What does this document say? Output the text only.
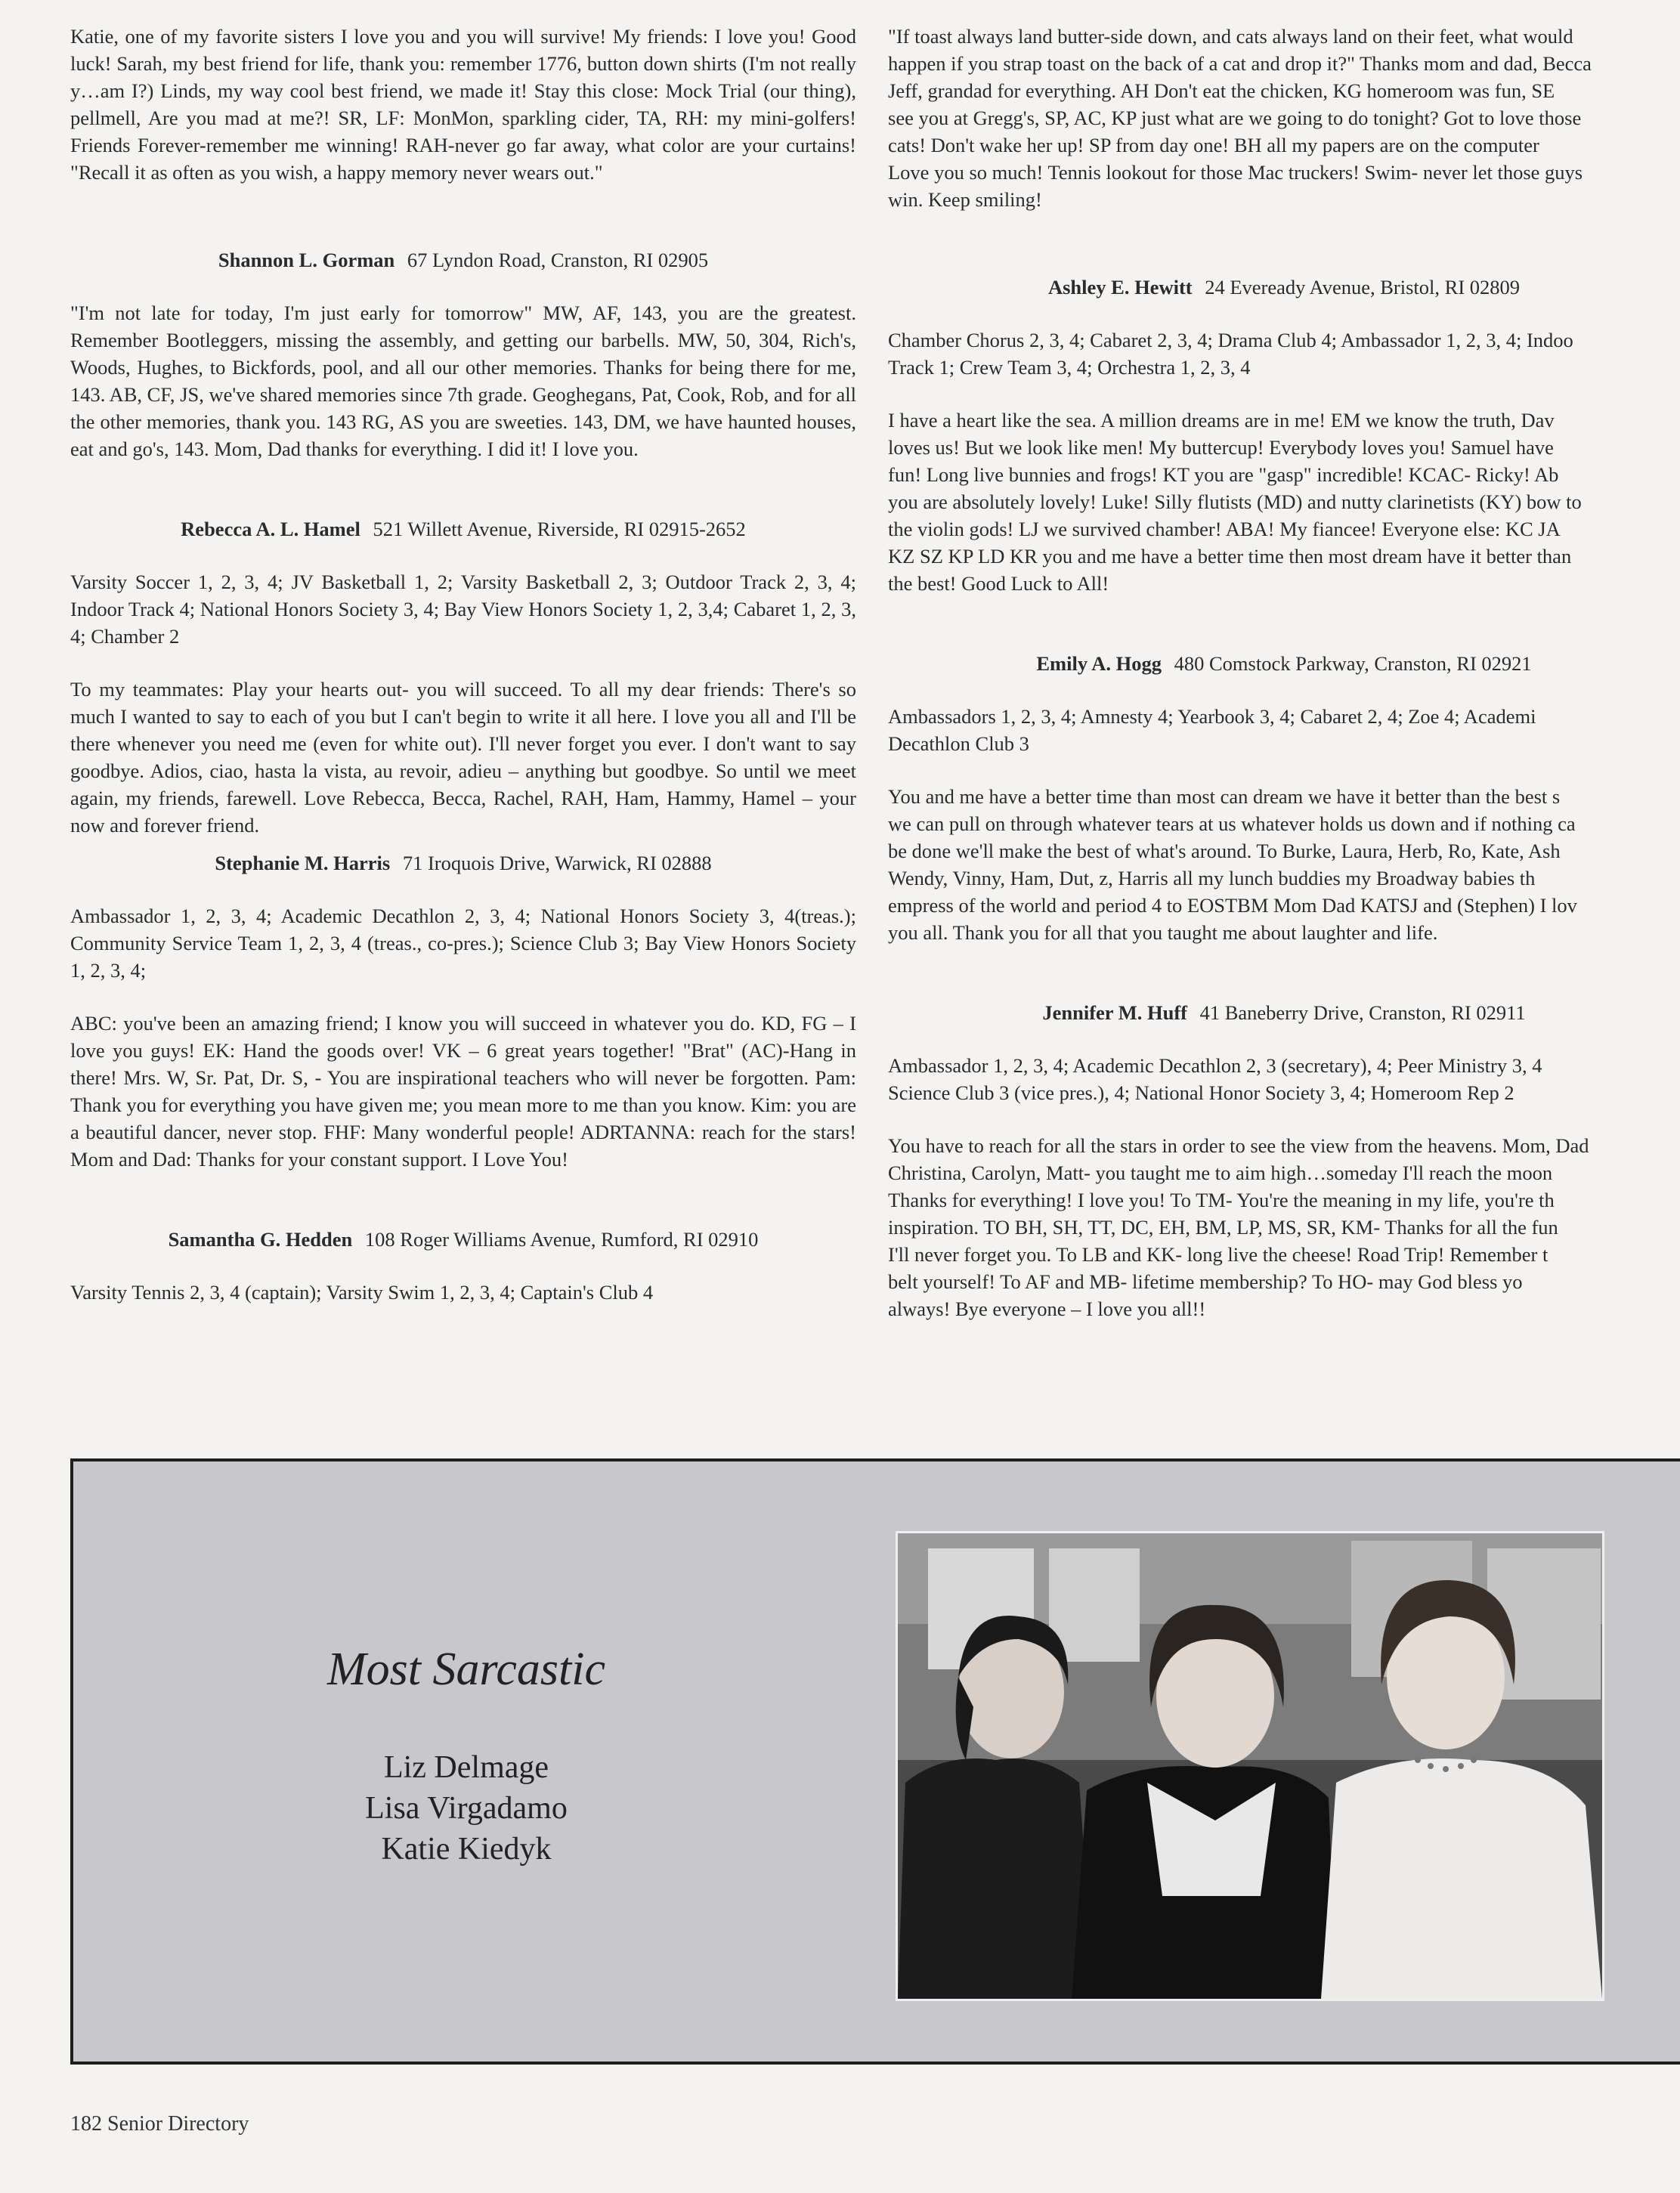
Katie, one of my favorite sisters I love you and you will survive! My friends: I love you! Good luck! Sarah, my best friend for life, thank you: remember 1776, button down shirts (I'm not really y…am I?) Linds, my way cool best friend, we made it! Stay this close: Mock Trial (our thing), pellmell, Are you mad at me?! SR, LF: MonMon, sparkling cider, TA, RH: my mini-golfers! Friends Forever-remember me winning! RAH-never go far away, what color are your curtains! "Recall it as often as you wish, a happy memory never wears out."

Shannon L. Gorman 67 Lyndon Road, Cranston, RI 02905

"I'm not late for today, I'm just early for tomorrow" MW, AF, 143, you are the greatest. Remember Bootleggers, missing the assembly, and getting our barbells. MW, 50, 304, Rich's, Woods, Hughes, to Bickfords, pool, and all our other memories. Thanks for being there for me, 143. AB, CF, JS, we've shared memories since 7th grade. Geoghegans, Pat, Cook, Rob, and for all the other memories, thank you. 143 RG, AS you are sweeties. 143, DM, we have haunted houses, eat and go's, 143. Mom, Dad thanks for everything. I did it! I love you.

Rebecca A. L. Hamel 521 Willett Avenue, Riverside, RI 02915-2652

Varsity Soccer 1, 2, 3, 4; JV Basketball 1, 2; Varsity Basketball 2, 3; Outdoor Track 2, 3, 4; Indoor Track 4; National Honors Society 3, 4; Bay View Honors Society 1, 2, 3,4; Cabaret 1, 2, 3, 4; Chamber 2

To my teammates: Play your hearts out- you will succeed. To all my dear friends: There's so much I wanted to say to each of you but I can't begin to write it all here. I love you all and I'll be there whenever you need me (even for white out). I'll never forget you ever. I don't want to say goodbye. Adios, ciao, hasta la vista, au revoir, adieu – anything but goodbye. So until we meet again, my friends, farewell. Love Rebecca, Becca, Rachel, RAH, Ham, Hammy, Hamel – your now and forever friend.

Stephanie M. Harris 71 Iroquois Drive, Warwick, RI 02888

Ambassador 1, 2, 3, 4; Academic Decathlon 2, 3, 4; National Honors Society 3, 4(treas.); Community Service Team 1, 2, 3, 4 (treas., co-pres.); Science Club 3; Bay View Honors Society 1, 2, 3, 4;

ABC: you've been an amazing friend; I know you will succeed in whatever you do. KD, FG – I love you guys! EK: Hand the goods over! VK – 6 great years together! "Brat" (AC)-Hang in there! Mrs. W, Sr. Pat, Dr. S, - You are inspirational teachers who will never be forgotten. Pam: Thank you for everything you have given me; you mean more to me than you know. Kim: you are a beautiful dancer, never stop. FHF: Many wonderful people! ADRTANNA: reach for the stars! Mom and Dad: Thanks for your constant support. I Love You!

Samantha G. Hedden 108 Roger Williams Avenue, Rumford, RI 02910

Varsity Tennis 2, 3, 4 (captain); Varsity Swim 1, 2, 3, 4; Captain's Club 4

"If toast always land butter-side down, and cats always land on their feet, what would

happen if you strap toast on the back of a cat and drop it?" Thanks mom and dad, Becca

Jeff, grandad for everything. AH Don't eat the chicken, KG homeroom was fun, SE

see you at Gregg's, SP, AC, KP just what are we going to do tonight? Got to love those

cats! Don't wake her up! SP from day one! BH all my papers are on the computer

Love you so much! Tennis lookout for those Mac truckers! Swim- never let those guys

win. Keep smiling!

Ashley E. Hewitt 24 Eveready Avenue, Bristol, RI 02809

Chamber Chorus 2, 3, 4; Cabaret 2, 3, 4; Drama Club 4; Ambassador 1, 2, 3, 4; Indoo

Track 1; Crew Team 3, 4; Orchestra 1, 2, 3, 4

I have a heart like the sea. A million dreams are in me! EM we know the truth, Dav

loves us! But we look like men! My buttercup! Everybody loves you! Samuel have

fun! Long live bunnies and frogs! KT you are "gasp" incredible! KCAC- Ricky! Ab

you are absolutely lovely! Luke! Silly flutists (MD) and nutty clarinetists (KY) bow to

the violin gods! LJ we survived chamber! ABA! My fiancee! Everyone else: KC JA

KZ SZ KP LD KR you and me have a better time then most dream have it better than

the best! Good Luck to All!

Emily A. Hogg 480 Comstock Parkway, Cranston, RI 02921

Ambassadors 1, 2, 3, 4; Amnesty 4; Yearbook 3, 4; Cabaret 2, 4; Zoe 4; Academi

Decathlon Club 3

You and me have a better time than most can dream we have it better than the best s

we can pull on through whatever tears at us whatever holds us down and if nothing ca

be done we'll make the best of what's around. To Burke, Laura, Herb, Ro, Kate, Ash

Wendy, Vinny, Ham, Dut, z, Harris all my lunch buddies my Broadway babies th

empress of the world and period 4 to EOSTBM Mom Dad KATSJ and (Stephen) I lov

you all. Thank you for all that you taught me about laughter and life.

Jennifer M. Huff 41 Baneberry Drive, Cranston, RI 02911

Ambassador 1, 2, 3, 4; Academic Decathlon 2, 3 (secretary), 4; Peer Ministry 3, 4

Science Club 3 (vice pres.), 4; National Honor Society 3, 4; Homeroom Rep 2

You have to reach for all the stars in order to see the view from the heavens. Mom, Dad

Christina, Carolyn, Matt- you taught me to aim high…someday I'll reach the moon

Thanks for everything! I love you! To TM- You're the meaning in my life, you're th

inspiration. TO BH, SH, TT, DC, EH, BM, LP, MS, SR, KM- Thanks for all the fun

I'll never forget you. To LB and KK- long live the cheese! Road Trip! Remember t

belt yourself! To AF and MB- lifetime membership? To HO- may God bless yo

always! Bye everyone – I love you all!!

Most Sarcastic
Liz Delmage
Lisa Virgadamo
Katie Kiedyk
182 Senior Directory
